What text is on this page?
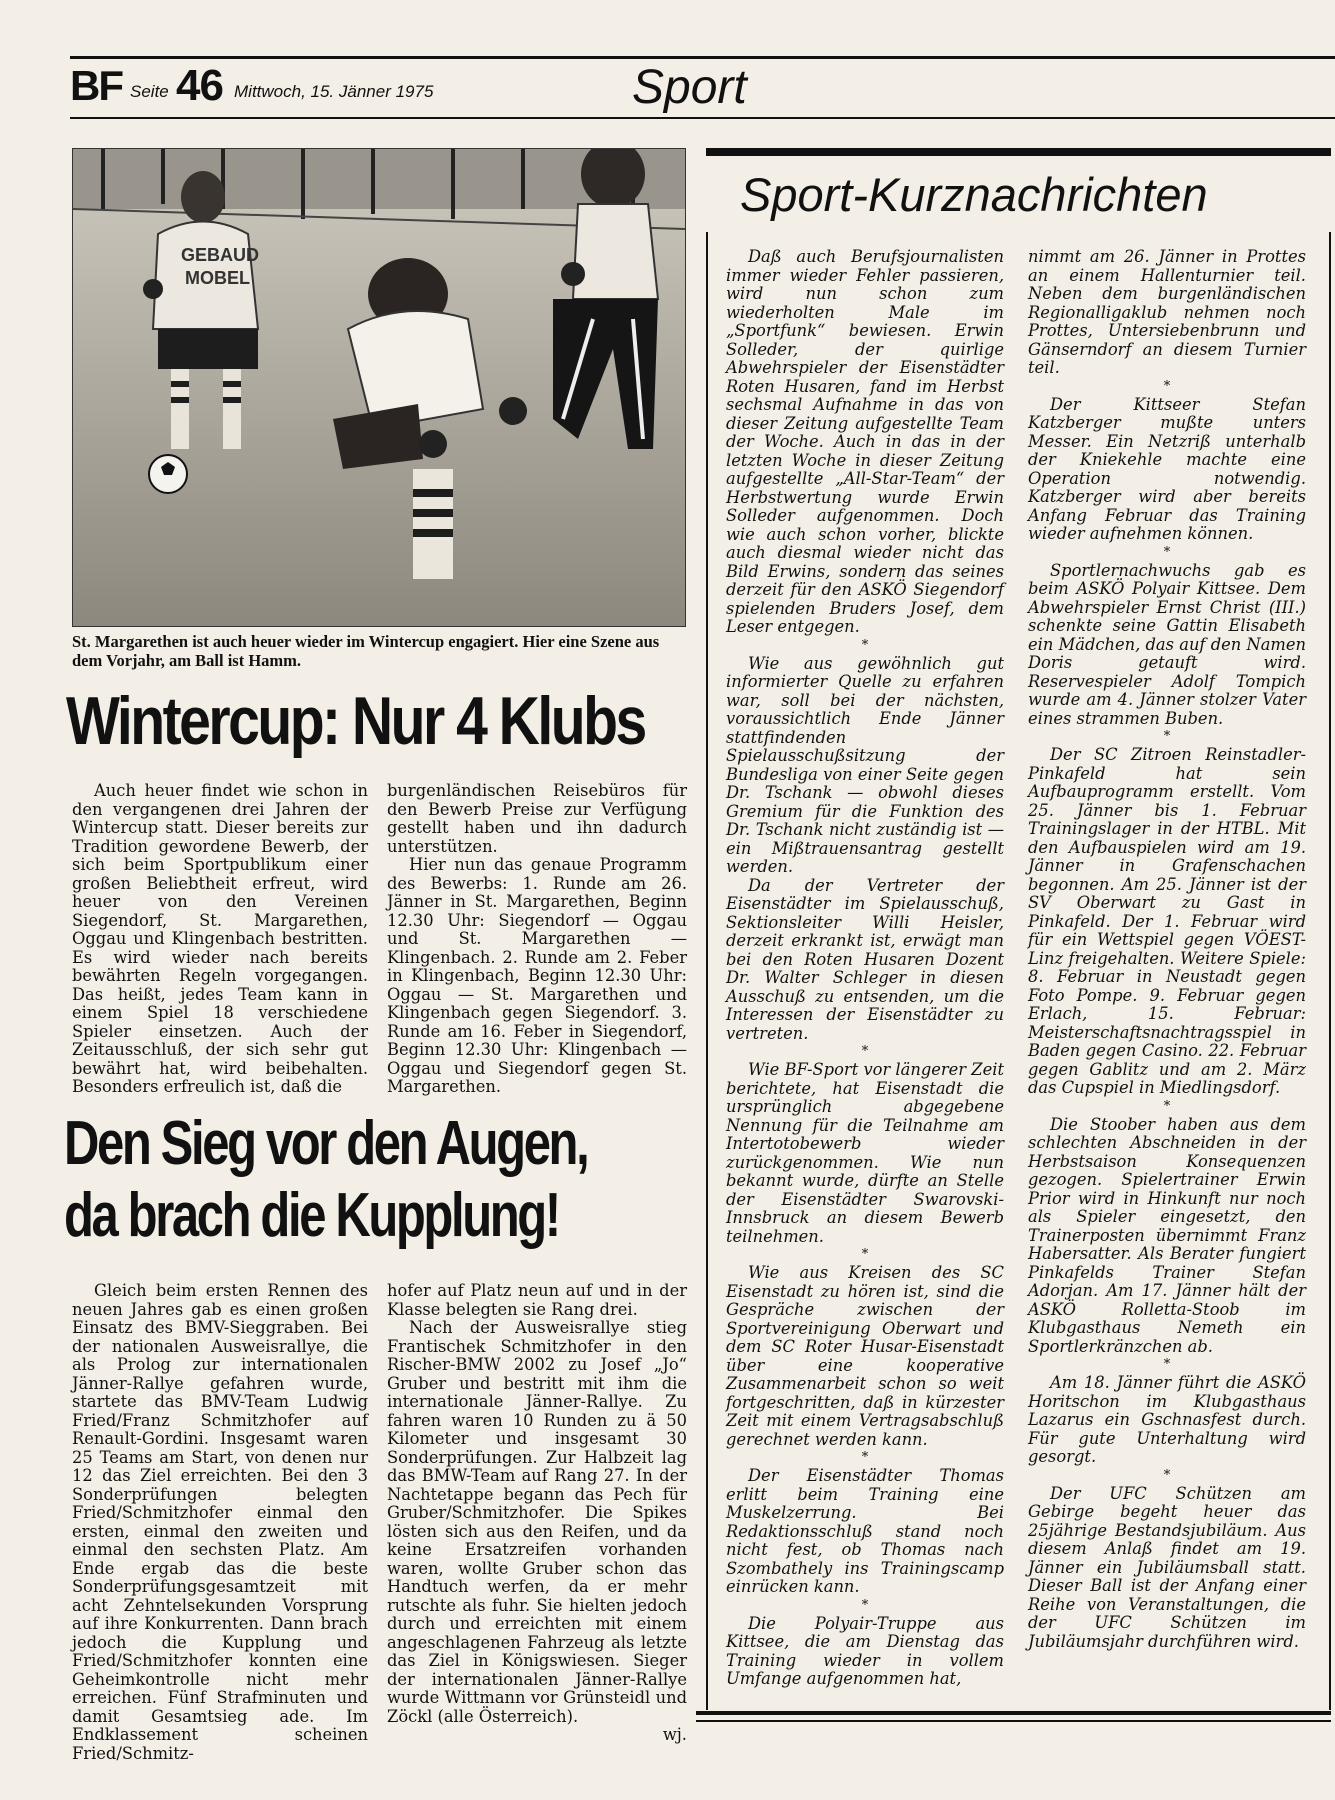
BF Seite 46 Mittwoch, 15. Jänner 1975	Sport
GEBAUD
MOBEL
St. Margarethen ist auch heuer wieder im Wintercup engagiert. Hier eine Szene aus dem Vorjahr, am Ball ist Hamm.
Wintercup: Nur 4 Klubs

Auch heuer findet wie schon in den vergangenen drei Jahren der Wintercup statt. Dieser bereits zur Tradition gewordene Bewerb, der sich beim Sportpublikum einer großen Beliebtheit erfreut, wird heuer von den Vereinen Siegendorf, St. Margarethen, Oggau und Klingenbach bestritten. Es wird wieder nach bereits bewährten Regeln vorgegangen. Das heißt, jedes Team kann in einem Spiel 18 verschiedene Spieler einsetzen. Auch der Zeitausschluß, der sich sehr gut bewährt hat, wird beibehalten. Besonders erfreulich ist, daß die

burgenländischen Reisebüros für den Bewerb Preise zur Verfügung gestellt haben und ihn dadurch unterstützen.

Hier nun das genaue Programm des Bewerbs: 1. Runde am 26. Jänner in St. Margarethen, Beginn 12.30 Uhr: Siegendorf — Oggau und St. Margarethen — Klingenbach. 2. Runde am 2. Feber in Klingenbach, Beginn 12.30 Uhr: Oggau — St. Margarethen und Klingenbach gegen Siegendorf. 3. Runde am 16. Feber in Siegendorf, Beginn 12.30 Uhr: Klingenbach — Oggau und Siegendorf gegen St. Margarethen.

Den Sieg vor den Augen,
da brach die Kupplung!

Gleich beim ersten Rennen des neuen Jahres gab es einen großen Einsatz des BMV-Sieggraben. Bei der nationalen Ausweisrallye, die als Prolog zur internationalen Jänner-Rallye gefahren wurde, startete das BMV-Team Ludwig Fried/Franz Schmitzhofer auf Renault-Gordini. Insgesamt waren 25 Teams am Start, von denen nur 12 das Ziel erreichten. Bei den 3 Sonderprüfungen belegten Fried/Schmitzhofer einmal den ersten, einmal den zweiten und einmal den sechsten Platz. Am Ende ergab das die beste Sonderprüfungsgesamtzeit mit acht Zehntelsekunden Vorsprung auf ihre Konkurrenten. Dann brach jedoch die Kupplung und Fried/Schmitzhofer konnten eine Geheimkontrolle nicht mehr erreichen. Fünf Strafminuten und damit Gesamtsieg ade. Im Endklassement scheinen Fried/Schmitz-

hofer auf Platz neun auf und in der Klasse belegten sie Rang drei.

Nach der Ausweisrallye stieg Frantischek Schmitzhofer in den Rischer-BMW 2002 zu Josef „Jo“ Gruber und bestritt mit ihm die internationale Jänner-Rallye. Zu fahren waren 10 Runden zu ä 50 Kilometer und insgesamt 30 Sonderprüfungen. Zur Halbzeit lag das BMW-Team auf Rang 27. In der Nachtetappe begann das Pech für Gruber/Schmitzhofer. Die Spikes lösten sich aus den Reifen, und da keine Ersatzreifen vorhanden waren, wollte Gruber schon das Handtuch werfen, da er mehr rutschte als fuhr. Sie hielten jedoch durch und erreichten mit einem angeschlagenen Fahrzeug als letzte das Ziel in Königswiesen. Sieger der internationalen Jänner-Rallye wurde Wittmann vor Grünsteidl und Zöckl (alle Österreich).

wj.

Sport-Kurznachrichten

Daß auch Berufsjournalisten immer wieder Fehler passieren, wird nun schon zum wiederholten Male im „Sportfunk“ bewiesen. Erwin Solleder, der quirlige Abwehrspieler der Eisenstädter Roten Husaren, fand im Herbst sechsmal Aufnahme in das von dieser Zeitung aufgestellte Team der Woche. Auch in das in der letzten Woche in dieser Zeitung aufgestellte „All-Star-Team“ der Herbstwertung wurde Erwin Solleder aufgenommen. Doch wie auch schon vorher, blickte auch diesmal wieder nicht das Bild Erwins, sondern das seines derzeit für den ASKÖ Siegendorf spielenden Bruders Josef, dem Leser entgegen.

*

Wie aus gewöhnlich gut informierter Quelle zu erfahren war, soll bei der nächsten, voraussichtlich Ende Jänner stattfindenden Spielausschußsitzung der Bundesliga von einer Seite gegen Dr. Tschank — obwohl dieses Gremium für die Funktion des Dr. Tschank nicht zuständig ist — ein Mißtrauensantrag gestellt werden.

Da der Vertreter der Eisenstädter im Spielausschuß, Sektionsleiter Willi Heisler, derzeit erkrankt ist, erwägt man bei den Roten Husaren Dozent Dr. Walter Schleger in diesen Ausschuß zu entsenden, um die Interessen der Eisenstädter zu vertreten.

*

Wie BF-Sport vor längerer Zeit berichtete, hat Eisenstadt die ursprünglich abgegebene Nennung für die Teilnahme am Intertotobewerb wieder zurückgenommen. Wie nun bekannt wurde, dürfte an Stelle der Eisenstädter Swarovski-Innsbruck an diesem Bewerb teilnehmen.

*

Wie aus Kreisen des SC Eisenstadt zu hören ist, sind die Gespräche zwischen der Sportvereinigung Oberwart und dem SC Roter Husar-Eisenstadt über eine kooperative Zusammenarbeit schon so weit fortgeschritten, daß in kürzester Zeit mit einem Vertragsabschluß gerechnet werden kann.

*

Der Eisenstädter Thomas erlitt beim Training eine Muskelzerrung. Bei Redaktionsschluß stand noch nicht fest, ob Thomas nach Szombathely ins Trainingscamp einrücken kann.

*

Die Polyair-Truppe aus Kittsee, die am Dienstag das Training wieder in vollem Umfange aufgenommen hat,

nimmt am 26. Jänner in Prottes an einem Hallenturnier teil. Neben dem burgenländischen Regionalligaklub nehmen noch Prottes, Untersiebenbrunn und Gänserndorf an diesem Turnier teil.

*

Der Kittseer Stefan Katzberger mußte unters Messer. Ein Netzriß unterhalb der Kniekehle machte eine Operation notwendig. Katzberger wird aber bereits Anfang Februar das Training wieder aufnehmen können.

*

Sportlernachwuchs gab es beim ASKÖ Polyair Kittsee. Dem Abwehrspieler Ernst Christ (III.) schenkte seine Gattin Elisabeth ein Mädchen, das auf den Namen Doris getauft wird. Reservespieler Adolf Tompich wurde am 4. Jänner stolzer Vater eines strammen Buben.

*

Der SC Zitroen Reinstadler-Pinkafeld hat sein Aufbauprogramm erstellt. Vom 25. Jänner bis 1. Februar Trainingslager in der HTBL. Mit den Aufbauspielen wird am 19. Jänner in Grafenschachen begonnen. Am 25. Jänner ist der SV Oberwart zu Gast in Pinkafeld. Der 1. Februar wird für ein Wettspiel gegen VÖEST-Linz freigehalten. Weitere Spiele: 8. Februar in Neustadt gegen Foto Pompe. 9. Februar gegen Erlach, 15. Februar: Meisterschaftsnachtragsspiel in Baden gegen Casino. 22. Februar gegen Gablitz und am 2. März das Cupspiel in Miedlingsdorf.

*

Die Stoober haben aus dem schlechten Abschneiden in der Herbstsaison Konsequenzen gezogen. Spielertrainer Erwin Prior wird in Hinkunft nur noch als Spieler eingesetzt, den Trainerposten übernimmt Franz Habersatter. Als Berater fungiert Pinkafelds Trainer Stefan Adorjan. Am 17. Jänner hält der ASKÖ Rolletta-Stoob im Klubgasthaus Nemeth ein Sportlerkränzchen ab.

*

Am 18. Jänner führt die ASKÖ Horitschon im Klubgasthaus Lazarus ein Gschnasfest durch. Für gute Unterhaltung wird gesorgt.

*

Der UFC Schützen am Gebirge begeht heuer das 25jährige Bestandsjubiläum. Aus diesem Anlaß findet am 19. Jänner ein Jubiläumsball statt. Dieser Ball ist der Anfang einer Reihe von Veranstaltungen, die der UFC Schützen im Jubiläumsjahr durchführen wird.
